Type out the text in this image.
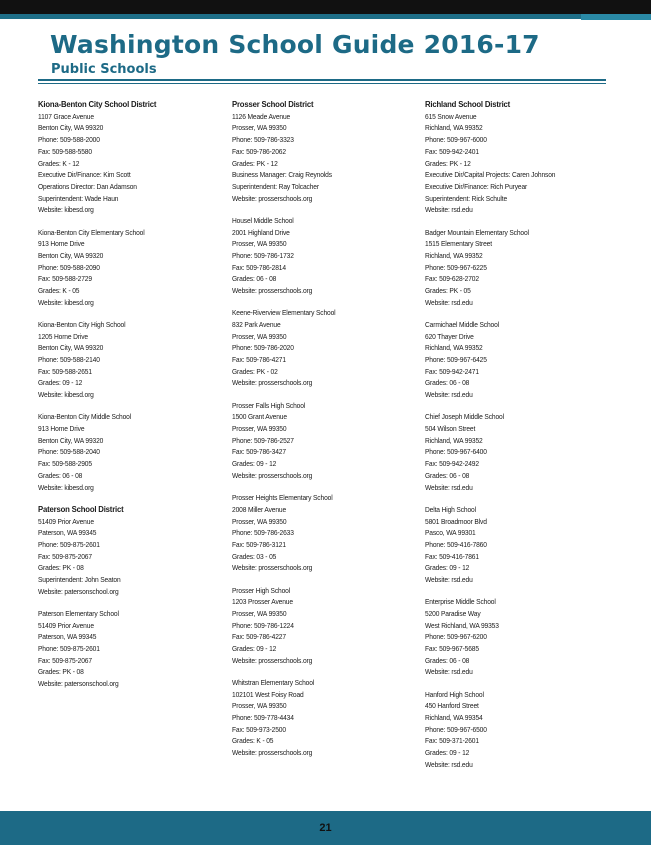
Washington School Guide 2016-17
Public Schools
Kiona-Benton City School District
1107 Grace Avenue
Benton City, WA 99320
Phone: 509-588-2000
Fax: 509-588-5580
Grades: K - 12
Executive Dir/Finance: Kim Scott
Operations Director: Dan Adamson
Superintendent: Wade Haun
Website: kibesd.org
Kiona-Benton City Elementary School
913 Horne Drive
Benton City, WA 99320
Phone: 509-588-2090
Fax: 509-588-2729
Grades: K - 05
Website: kibesd.org
Kiona-Benton City High School
1205 Horne Drive
Benton City, WA 99320
Phone: 509-588-2140
Fax: 509-588-2651
Grades: 09 - 12
Website: kibesd.org
Kiona-Benton City Middle School
913 Horne Drive
Benton City, WA 99320
Phone: 509-588-2040
Fax: 509-588-2905
Grades: 06 - 08
Website: kibesd.org
Paterson School District
51409 Prior Avenue
Paterson, WA 99345
Phone: 509-875-2601
Fax: 509-875-2067
Grades: PK - 08
Superintendent: John Seaton
Website: patersonschool.org
Paterson Elementary School
51409 Prior Avenue
Paterson, WA 99345
Phone: 509-875-2601
Fax: 509-875-2067
Grades: PK - 08
Website: patersonschool.org
Prosser School District
1126 Meade Avenue
Prosser, WA 99350
Phone: 509-786-3323
Fax: 509-786-2062
Grades: PK - 12
Business Manager: Craig Reynolds
Superintendent: Ray Tolcacher
Website: prosserschools.org
Housel Middle School
2001 Highland Drive
Prosser, WA 99350
Phone: 509-786-1732
Fax: 509-786-2814
Grades: 06 - 08
Website: prosserschools.org
Keene-Riverview Elementary School
832 Park Avenue
Prosser, WA 99350
Phone: 509-786-2020
Fax: 509-786-4271
Grades: PK - 02
Website: prosserschools.org
Prosser Falls High School
1500 Grant Avenue
Prosser, WA 99350
Phone: 509-786-2527
Fax: 509-786-3427
Grades: 09 - 12
Website: prosserschools.org
Prosser Heights Elementary School
2008 Miller Avenue
Prosser, WA 99350
Phone: 509-786-2633
Fax: 509-786-3121
Grades: 03 - 05
Website: prosserschools.org
Prosser High School
1203 Prosser Avenue
Prosser, WA 99350
Phone: 509-786-1224
Fax: 509-786-4227
Grades: 09 - 12
Website: prosserschools.org
Whitstran Elementary School
102101 West Foisy Road
Prosser, WA 99350
Phone: 509-778-4434
Fax: 509-973-2500
Grades: K - 05
Website: prosserschools.org
Richland School District
615 Snow Avenue
Richland, WA 99352
Phone: 509-967-6000
Fax: 509-942-2401
Grades: PK - 12
Executive Dir/Capital Projects: Caren Johnson
Executive Dir/Finance: Rich Puryear
Superintendent: Rick Schulte
Website: rsd.edu
Badger Mountain Elementary School
1515 Elementary Street
Richland, WA 99352
Phone: 509-967-6225
Fax: 509-628-2702
Grades: PK - 05
Website: rsd.edu
Carmichael Middle School
620 Thayer Drive
Richland, WA 99352
Phone: 509-967-6425
Fax: 509-942-2471
Grades: 06 - 08
Website: rsd.edu
Chief Joseph Middle School
504 Wilson Street
Richland, WA 99352
Phone: 509-967-6400
Fax: 509-942-2492
Grades: 06 - 08
Website: rsd.edu
Delta High School
5801 Broadmoor Blvd
Pasco, WA 99301
Phone: 509-416-7860
Fax: 509-416-7861
Grades: 09 - 12
Website: rsd.edu
Enterprise Middle School
5200 Paradise Way
West Richland, WA 99353
Phone: 509-967-6200
Fax: 509-967-5685
Grades: 06 - 08
Website: rsd.edu
Hanford High School
450 Hanford Street
Richland, WA 99354
Phone: 509-967-6500
Fax: 509-371-2601
Grades: 09 - 12
Website: rsd.edu
21
